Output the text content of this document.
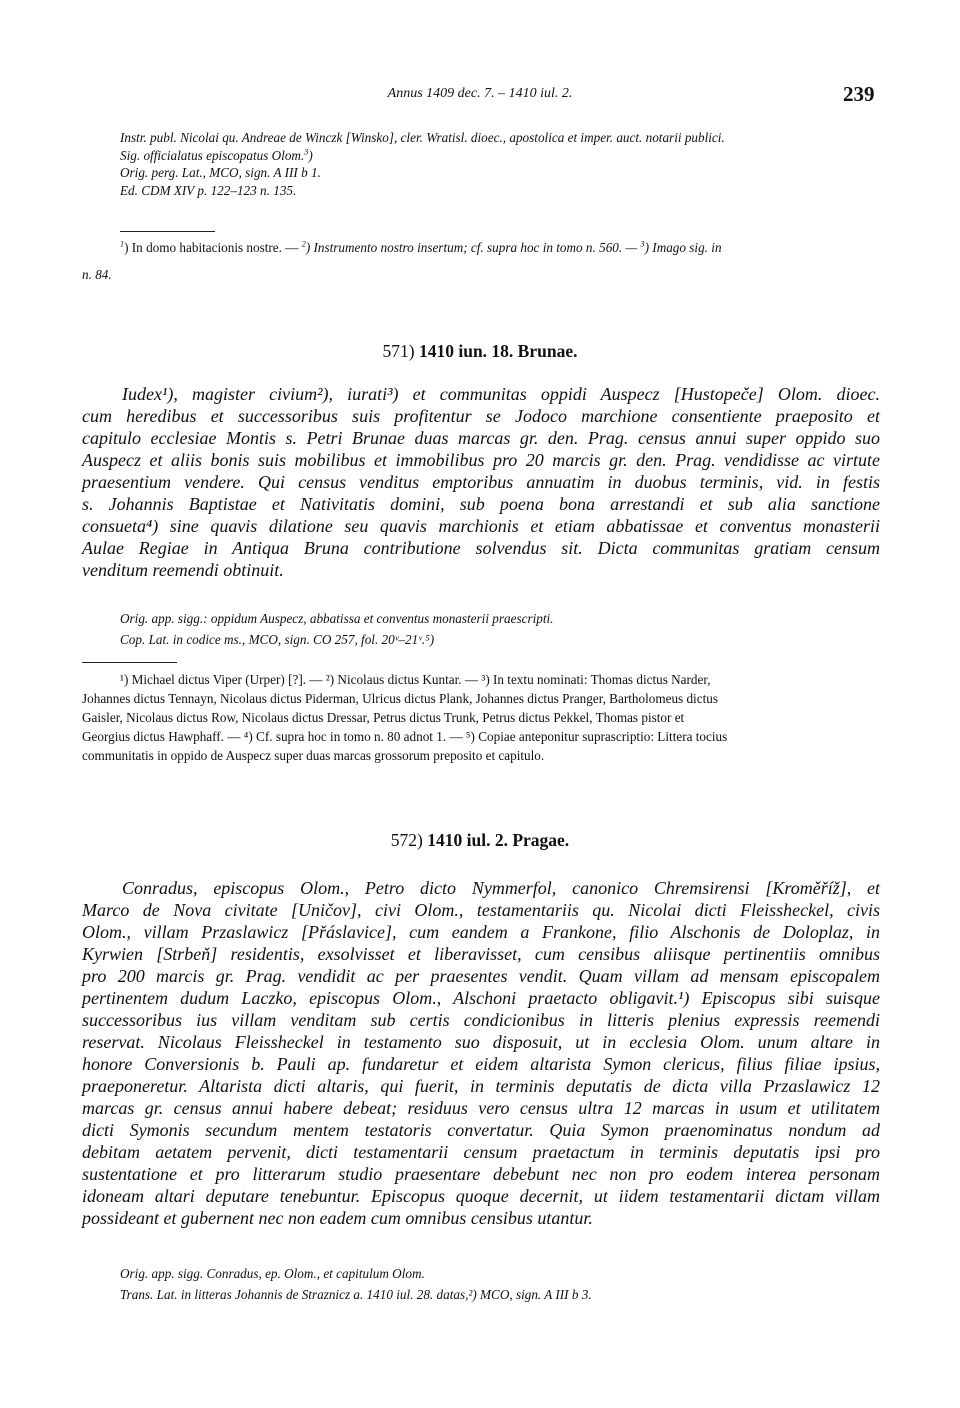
Annus 1409 dec. 7. – 1410 iul. 2.	239
Instr. publ. Nicolai qu. Andreae de Winczk [Winsko], cler. Wratisl. dioec., apostolica et imper. auct. notarii publici.
Sig. officialatus episcopatus Olom.$^3$)
Orig. perg. Lat., MCO, sign. A III b 1.
Ed. CDM XIV p. 122–123 n. 135.
$^1$) In domo habitacionis nostre. — $^2$) Instrumento nostro insertum; cf. supra hoc in tomo n. 560. — $^3$) Imago sig. in
n. 84.
571) 1410 iun. 18. Brunae.
Iudex¹), magister civium²), iurati³) et communitas oppidi Auspecz [Hustopeče] Olom. dioec.
cum heredibus et successoribus suis profitentur se Jodoco marchione consentiente praeposito et
capitulo ecclesiae Montis s. Petri Brunae duas marcas gr. den. Prag. census annui super oppido suo
Auspecz et aliis bonis suis mobilibus et immobilibus pro 20 marcis gr. den. Prag. vendidisse ac virtute
praesentium vendere. Qui census venditus emptoribus annuatim in duobus terminis, vid. in festis
s. Johannis Baptistae et Nativitatis domini, sub poena bona arrestandi et sub alia sanctione
consueta⁴) sine quavis dilatione seu quavis marchionis et etiam abbatissae et conventus monasterii
Aulae Regiae in Antiqua Bruna contributione solvendus sit. Dicta communitas gratiam censum
venditum reemendi obtinuit.
Orig. app. sigg.: oppidum Auspecz, abbatissa et conventus monasterii praescripti.
Cop. Lat. in codice ms., MCO, sign. CO 257, fol. 20ᵛ–21ᵛ.⁵)
¹) Michael dictus Viper (Urper) [?]. — ²) Nicolaus dictus Kuntar. — ³) In textu nominati: Thomas dictus Narder,
Johannes dictus Tennayn, Nicolaus dictus Piderman, Ulricus dictus Plank, Johannes dictus Pranger, Bartholomeus dictus
Gaisler, Nicolaus dictus Row, Nicolaus dictus Dressar, Petrus dictus Trunk, Petrus dictus Pekkel, Thomas pistor et
Georgius dictus Hawphaff. — ⁴) Cf. supra hoc in tomo n. 80 adnot 1. — ⁵) Copiae anteponitur suprascriptio: Littera tocius
communitatis in oppido de Auspecz super duas marcas grossorum preposito et capitulo.
572) 1410 iul. 2. Pragae.
Conradus, episcopus Olom., Petro dicto Nymmerfol, canonico Chremsirensi [Kroměříž], et
Marco de Nova civitate [Uničov], civi Olom., testamentariis qu. Nicolai dicti Fleissheckel, civis
Olom., villam Przaslawicz [Přáslavice], cum eandem a Frankone, filio Alschonis de Doloplaz, in
Kyrwien [Strbeň] residentis, exsolvisset et liberavisset, cum censibus aliisque pertinentiis omnibus
pro 200 marcis gr. Prag. vendidit ac per praesentes vendit. Quam villam ad mensam episcopalem
pertinentem dudum Laczko, episcopus Olom., Alschoni praetacto obligavit.¹) Episcopus sibi suisque
successoribus ius villam venditam sub certis condicionibus in litteris plenius expressis reemendi
reservat. Nicolaus Fleissheckel in testamento suo disposuit, ut in ecclesia Olom. unum altare in
honore Conversionis b. Pauli ap. fundaretur et eidem altarista Symon clericus, filius filiae ipsius,
praeponeretur. Altarista dicti altaris, qui fuerit, in terminis deputatis de dicta villa Przaslawicz 12
marcas gr. census annui habere debeat; residuus vero census ultra 12 marcas in usum et utilitatem
dicti Symonis secundum mentem testatoris convertatur. Quia Symon praenominatus nondum ad
debitam aetatem pervenit, dicti testamentarii censum praetactum in terminis deputatis ipsi pro
sustentatione et pro litterarum studio praesentare debebunt nec non pro eodem interea personam
idoneam altari deputare tenebuntur. Episcopus quoque decernit, ut iidem testamentarii dictam villam
possideant et gubernent nec non eadem cum omnibus censibus utantur.
Orig. app. sigg. Conradus, ep. Olom., et capitulum Olom.
Trans. Lat. in litteras Johannis de Straznicz a. 1410 iul. 28. datas,²) MCO, sign. A III b 3.
